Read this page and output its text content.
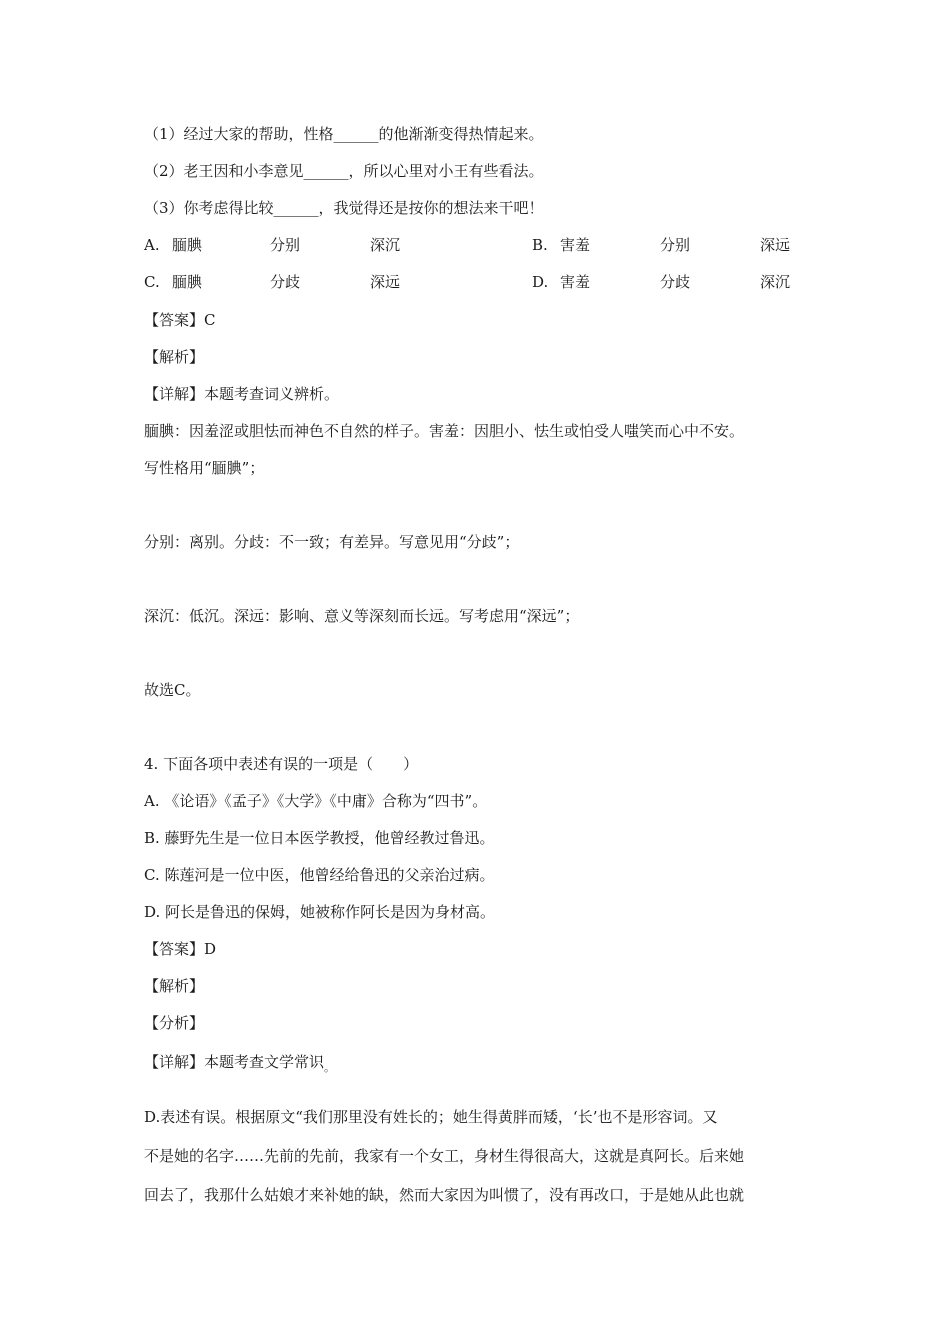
（1）经过大家的帮助，性格______的他渐渐变得热情起来。
（2）老王因和小李意见______，所以心里对小王有些看法。
（3）你考虑得比较______，我觉得还是按你的想法来干吧！
A. 腼腆	分别	深沉	B. 害羞	分别	深远
C. 腼腆	分歧	深远	D. 害羞	分歧	深沉
【答案】C
【解析】
【详解】本题考查词义辨析。
腼腆：因羞涩或胆怯而神色不自然的样子。害羞：因胆小、怯生或怕受人嗤笑而心中不安。
写性格用“腼腆”；
分别：离别。分歧：不一致；有差异。写意见用“分歧”；
深沉：低沉。深远：影响、意义等深刻而长远。写考虑用“深远”；
故选C。
4. 下面各项中表述有误的一项是（　　）
A. 《论语》《孟子》《大学》《中庸》合称为“四书”。
B. 藤野先生是一位日本医学教授，他曾经教过鲁迅。
C. 陈莲河是一位中医，他曾经给鲁迅的父亲治过病。
D. 阿长是鲁迅的保姆，她被称作阿长是因为身材高。
【答案】D
【解析】
【分析】
【详解】本题考查文学常识$_。$
D.表述有误。根据原文“我们那里没有姓长的；她生得黄胖而矮，‘长’也不是形容词。又
不是她的名字……先前的先前，我家有一个女工，身材生得很高大，这就是真阿长。后来她
回去了，我那什么姑娘才来补她的缺，然而大家因为叫惯了，没有再改口，于是她从此也就
